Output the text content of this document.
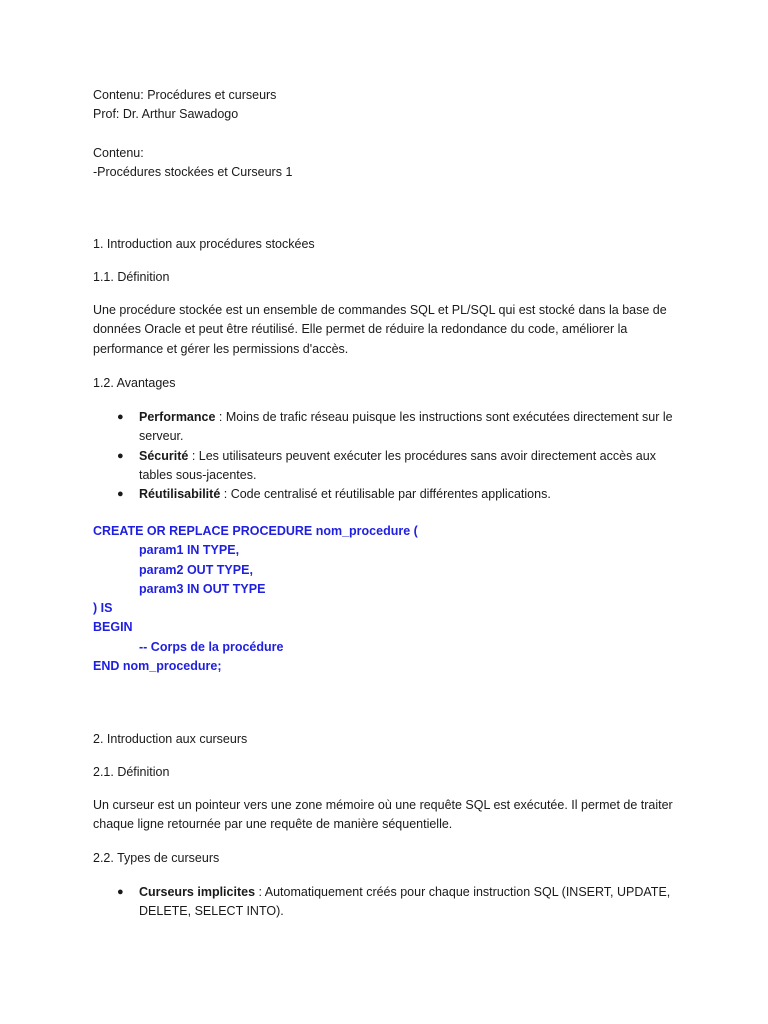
Contenu: Procédures et curseurs
Prof: Dr. Arthur Sawadogo
Contenu:
-Procédures stockées et Curseurs 1
1. Introduction aux procédures stockées
1.1. Définition
Une procédure stockée est un ensemble de commandes SQL et PL/SQL qui est stocké dans la base de données Oracle et peut être réutilisé. Elle permet de réduire la redondance du code, améliorer la performance et gérer les permissions d'accès.
1.2. Avantages
● Performance : Moins de trafic réseau puisque les instructions sont exécutées directement sur le serveur.
● Sécurité : Les utilisateurs peuvent exécuter les procédures sans avoir directement accès aux tables sous-jacentes.
● Réutilisabilité : Code centralisé et réutilisable par différentes applications.
CREATE OR REPLACE PROCEDURE nom_procedure (
param1 IN TYPE,
param2 OUT TYPE,
param3 IN OUT TYPE
) IS
BEGIN
-- Corps de la procédure
END nom_procedure;
2. Introduction aux curseurs
2.1. Définition
Un curseur est un pointeur vers une zone mémoire où une requête SQL est exécutée. Il permet de traiter chaque ligne retournée par une requête de manière séquentielle.
2.2. Types de curseurs
● Curseurs implicites : Automatiquement créés pour chaque instruction SQL (INSERT, UPDATE, DELETE, SELECT INTO).
